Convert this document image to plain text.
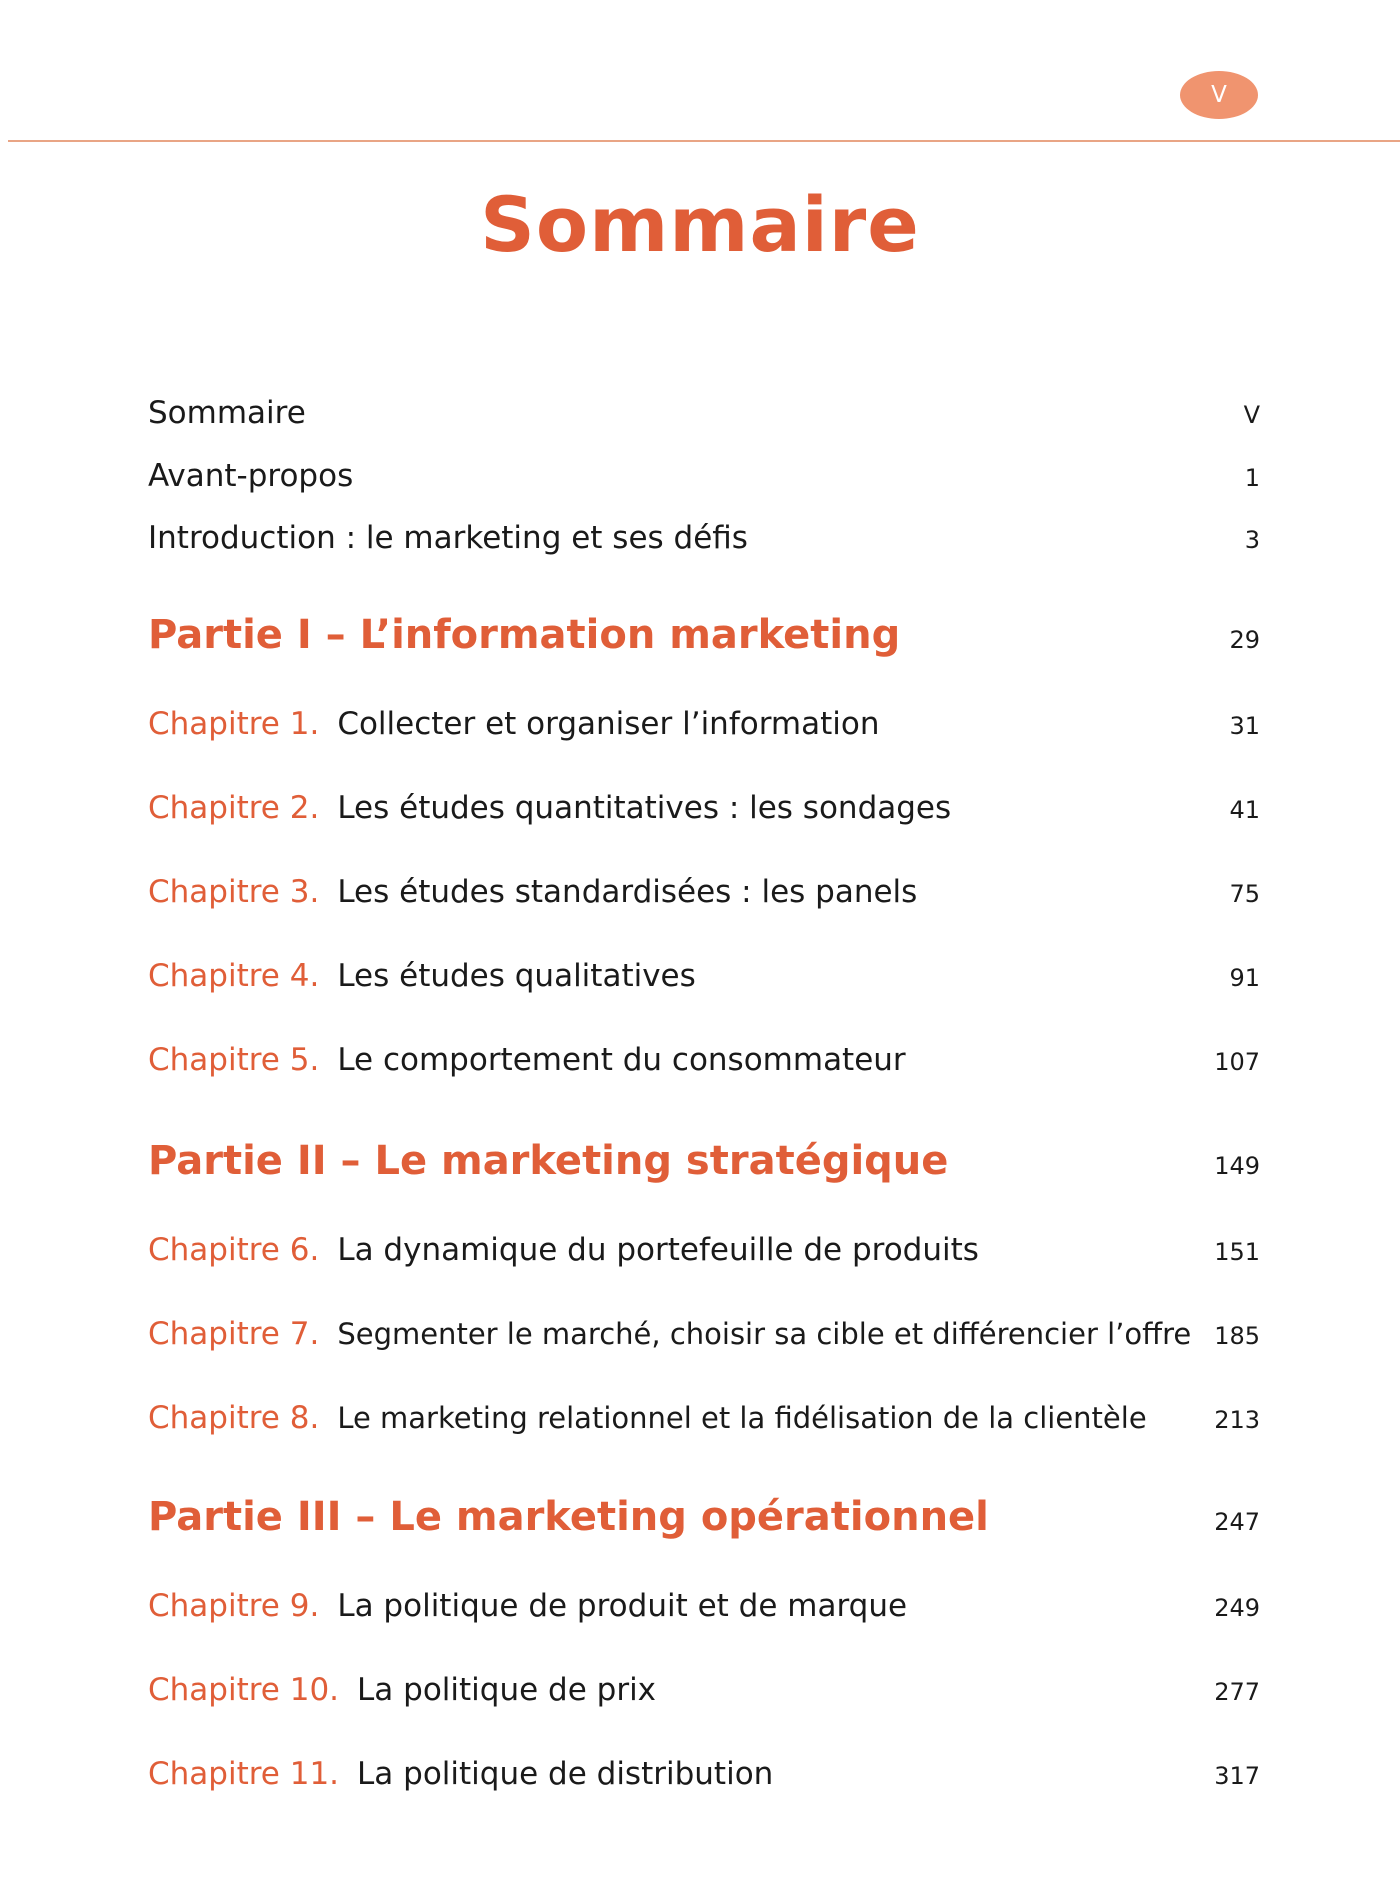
V
Sommaire
Sommaire	V
Avant-propos	1
Introduction : le marketing et ses défis	3
Partie I – L’information marketing	29
Chapitre 1. Collecter et organiser l’information	31
Chapitre 2. Les études quantitatives : les sondages	41
Chapitre 3. Les études standardisées : les panels	75
Chapitre 4. Les études qualitatives	91
Chapitre 5. Le comportement du consommateur	107
Partie II – Le marketing stratégique	149
Chapitre 6. La dynamique du portefeuille de produits	151
Chapitre 7. Segmenter le marché, choisir sa cible et différencier l’offre 185
Chapitre 8. Le marketing relationnel et la fidélisation de la clientèle	213
Partie III – Le marketing opérationnel	247
Chapitre 9. La politique de produit et de marque	249
Chapitre 10. La politique de prix	277
Chapitre 11. La politique de distribution	317
